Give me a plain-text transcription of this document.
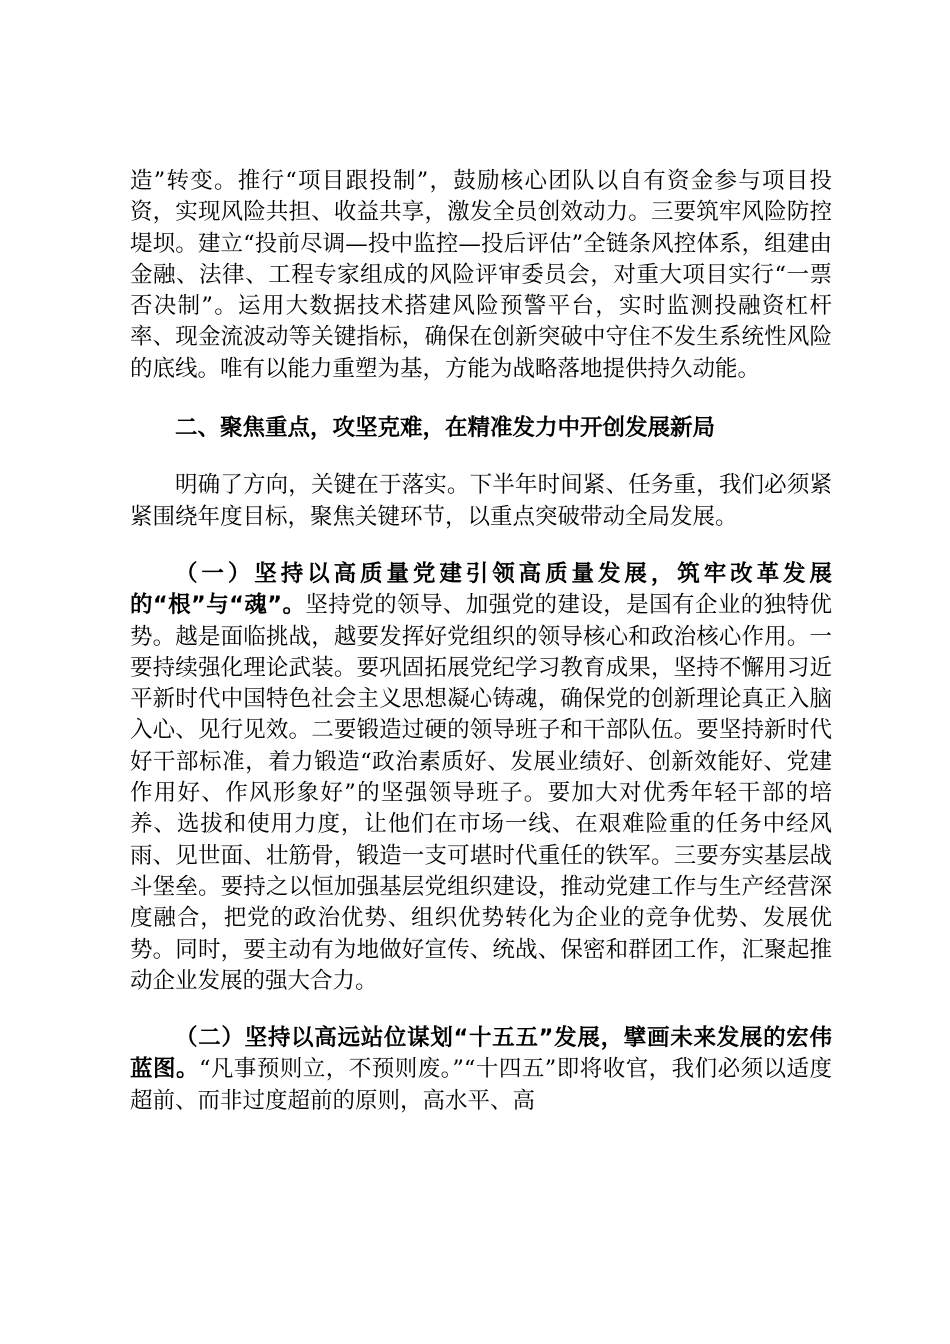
造”转变。推行“项目跟投制”，鼓励核心团队以自有资金参与项目投资，实现风险共担、收益共享，激发全员创效动力。三要筑牢风险防控堤坝。建立“投前尽调—投中监控—投后评估”全链条风控体系，组建由金融、法律、工程专家组成的风险评审委员会，对重大项目实行“一票否决制”。运用大数据技术搭建风险预警平台，实时监测投融资杠杆率、现金流波动等关键指标，确保在创新突破中守住不发生系统性风险的底线。唯有以能力重塑为基，方能为战略落地提供持久动能。

二、聚焦重点，攻坚克难，在精准发力中开创发展新局

明确了方向，关键在于落实。下半年时间紧、任务重，我们必须紧紧围绕年度目标，聚焦关键环节，以重点突破带动全局发展。

（一）坚持以高质量党建引领高质量发展，筑牢改革发展的“根”与“魂”。坚持党的领导、加强党的建设，是国有企业的独特优势。越是面临挑战，越要发挥好党组织的领导核心和政治核心作用。一要持续强化理论武装。要巩固拓展党纪学习教育成果，坚持不懈用习近平新时代中国特色社会主义思想凝心铸魂，确保党的创新理论真正入脑入心、见行见效。二要锻造过硬的领导班子和干部队伍。要坚持新时代好干部标准，着力锻造“政治素质好、发展业绩好、创新效能好、党建作用好、作风形象好”的坚强领导班子。要加大对优秀年轻干部的培养、选拔和使用力度，让他们在市场一线、在艰难险重的任务中经风雨、见世面、壮筋骨，锻造一支可堪时代重任的铁军。三要夯实基层战斗堡垒。要持之以恒加强基层党组织建设，推动党建工作与生产经营深度融合，把党的政治优势、组织优势转化为企业的竞争优势、发展优势。同时，要主动有为地做好宣传、统战、保密和群团工作，汇聚起推动企业发展的强大合力。

（二）坚持以高远站位谋划“十五五”发展，擘画未来发展的宏伟蓝图。“凡事预则立，不预则废。”“十四五”即将收官，我们必须以适度超前、而非过度超前的原则，高水平、高
